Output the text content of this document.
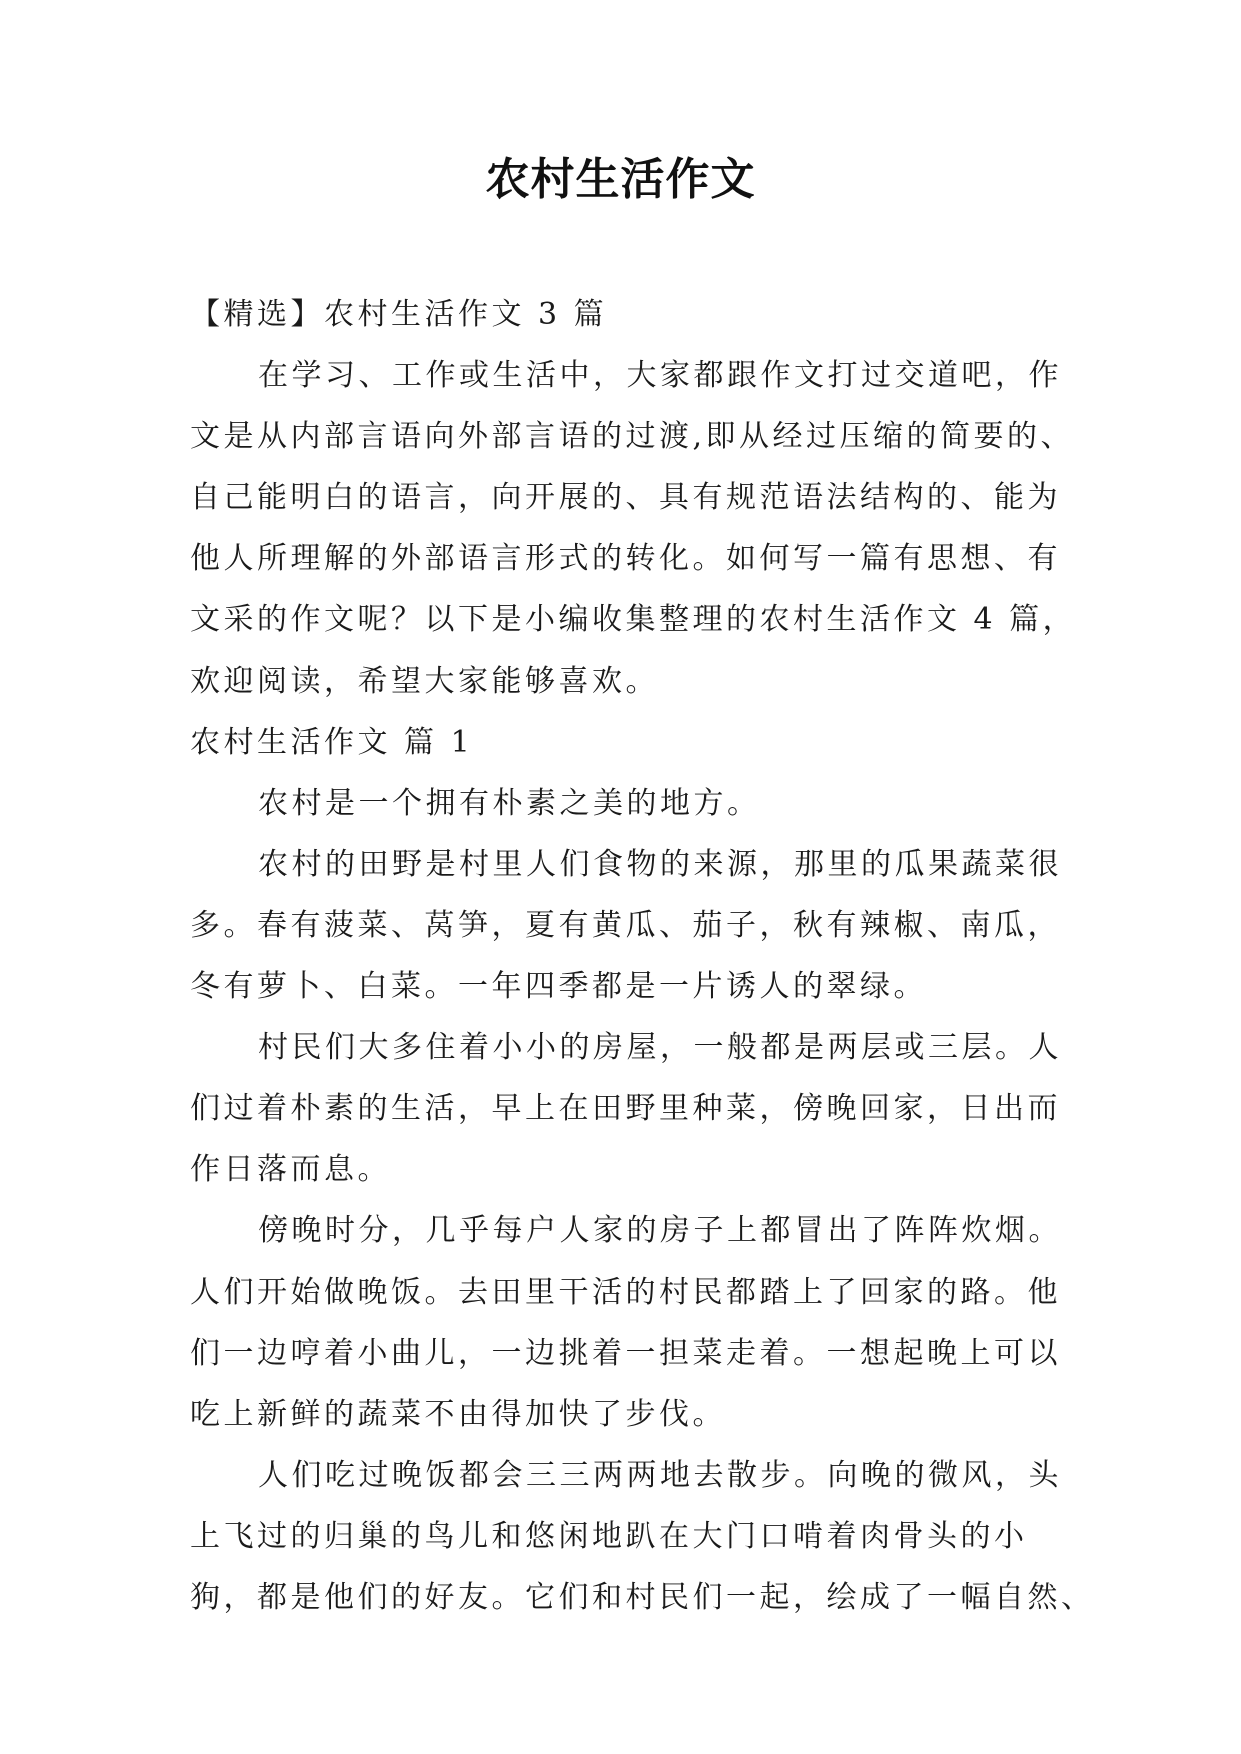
农村生活作文
【精选】农村生活作文 3 篇
在学习、工作或生活中，大家都跟作文打过交道吧，作
文是从内部言语向外部言语的过渡,即从经过压缩的简要的、
自己能明白的语言，向开展的、具有规范语法结构的、能为
他人所理解的外部语言形式的转化。如何写一篇有思想、有
文采的作文呢？以下是小编收集整理的农村生活作文 4 篇，
欢迎阅读，希望大家能够喜欢。
农村生活作文 篇 1
农村是一个拥有朴素之美的地方。
农村的田野是村里人们食物的来源，那里的瓜果蔬菜很
多。春有菠菜、莴笋，夏有黄瓜、茄子，秋有辣椒、南瓜，
冬有萝卜、白菜。一年四季都是一片诱人的翠绿。
村民们大多住着小小的房屋，一般都是两层或三层。人
们过着朴素的生活，早上在田野里种菜，傍晚回家，日出而
作日落而息。
傍晚时分，几乎每户人家的房子上都冒出了阵阵炊烟。
人们开始做晚饭。去田里干活的村民都踏上了回家的路。他
们一边哼着小曲儿，一边挑着一担菜走着。一想起晚上可以
吃上新鲜的蔬菜不由得加快了步伐。
人们吃过晚饭都会三三两两地去散步。向晚的微风，头
上飞过的归巢的鸟儿和悠闲地趴在大门口啃着肉骨头的小
狗，都是他们的好友。它们和村民们一起，绘成了一幅自然、
